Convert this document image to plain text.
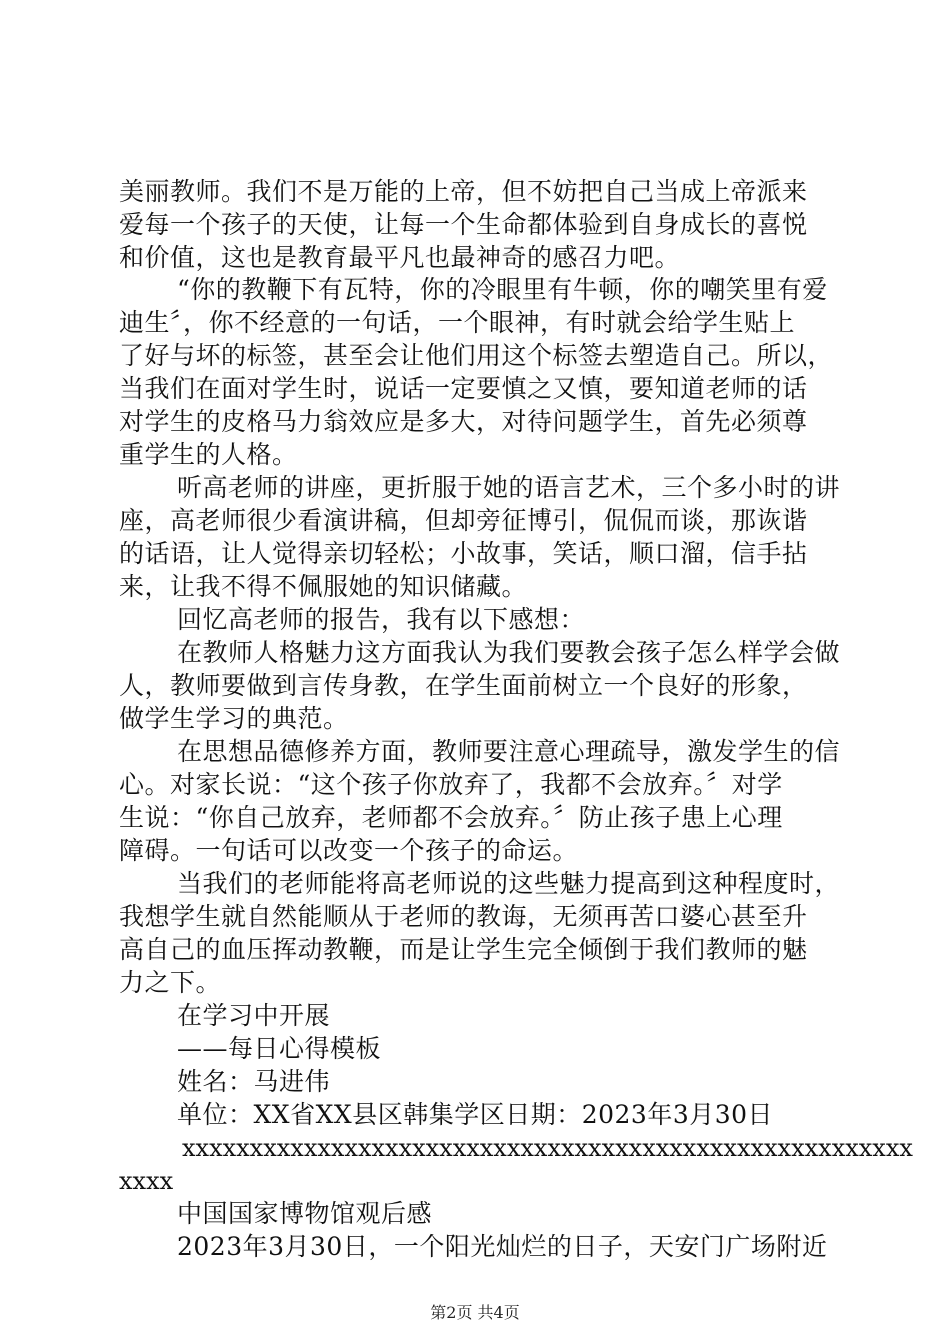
美丽教师。我们不是万能的上帝，但不妨把自己当成上帝派来
爱每一个孩子的天使，让每一个生命都体验到自身成长的喜悦
和价值，这也是教育最平凡也最神奇的感召力吧。
“你的教鞭下有瓦特，你的冷眼里有牛顿，你的嘲笑里有爱
迪生〞，你不经意的一句话，一个眼神，有时就会给学生贴上
了好与坏的标签，甚至会让他们用这个标签去塑造自己。所以，
当我们在面对学生时，说话一定要慎之又慎，要知道老师的话
对学生的皮格马力翁效应是多大，对待问题学生，首先必须尊
重学生的人格。
听高老师的讲座，更折服于她的语言艺术，三个多小时的讲
座，高老师很少看演讲稿，但却旁征博引，侃侃而谈，那诙谐
的话语，让人觉得亲切轻松；小故事，笑话，顺口溜，信手拈
来，让我不得不佩服她的知识储藏。
回忆高老师的报告，我有以下感想：
在教师人格魅力这方面我认为我们要教会孩子怎么样学会做
人，教师要做到言传身教，在学生面前树立一个良好的形象，
做学生学习的典范。
在思想品德修养方面，教师要注意心理疏导，激发学生的信
心。对家长说：“这个孩子你放弃了，我都不会放弃。〞对学
生说：“你自己放弃，老师都不会放弃。〞防止孩子患上心理
障碍。一句话可以改变一个孩子的命运。
当我们的老师能将高老师说的这些魅力提高到这种程度时，
我想学生就自然能顺从于老师的教诲，无须再苦口婆心甚至升
高自己的血压挥动教鞭，而是让学生完全倾倒于我们教师的魅
力之下。
在学习中开展
——每日心得模板
姓名：马进伟
单位：XX省XX县区韩集学区日期：2023年3月30日
xxxxxxxxxxxxxxxxxxxxxxxxxxxxxxxxxxxxxxxxxxxxxxxxxxxxxx
xxxx
中国国家博物馆观后感
2023年3月30日，一个阳光灿烂的日子，天安门广场附近
第2页 共4页
